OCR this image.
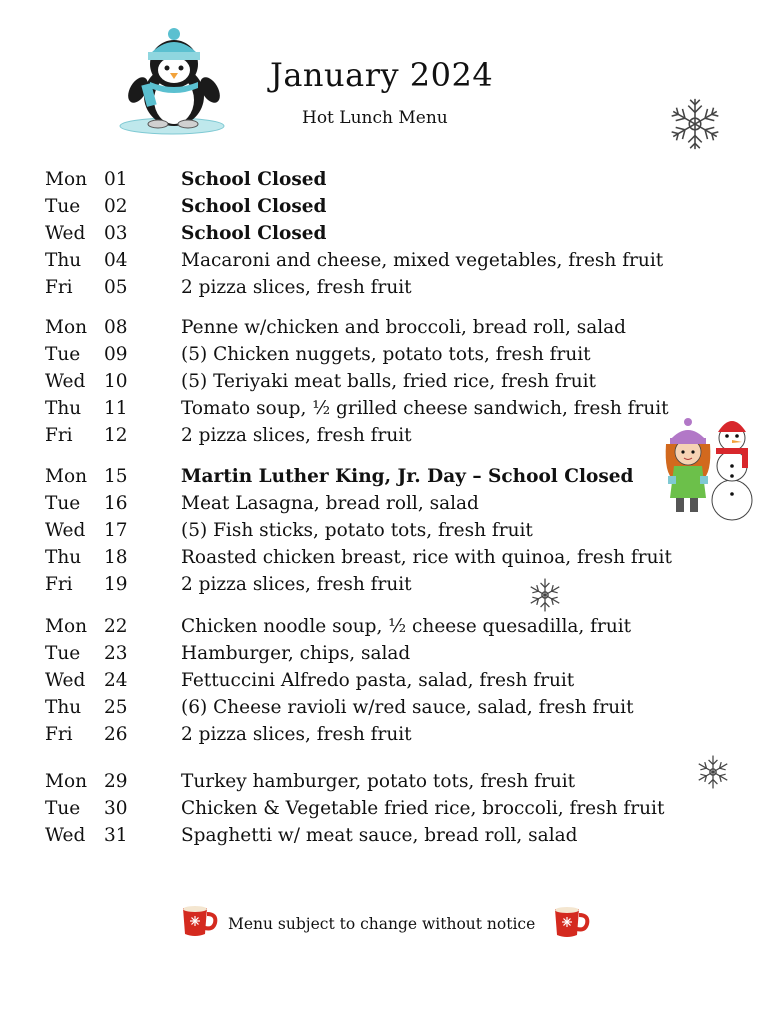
January 2024
Hot Lunch Menu
Mon 01	School Closed
Tue 02	School Closed
Wed 03	School Closed
Thu 04	Macaroni and cheese, mixed vegetables, fresh fruit
Fri 05	2 pizza slices, fresh fruit
Mon 08	Penne w/chicken and broccoli, bread roll, salad
Tue 09	(5) Chicken nuggets, potato tots, fresh fruit
Wed 10	(5) Teriyaki meat balls, fried rice, fresh fruit
Thu 11	Tomato soup, ½ grilled cheese sandwich, fresh fruit
Fri 12	2 pizza slices, fresh fruit
Mon 15	Martin Luther King, Jr. Day – School Closed
Tue 16	Meat Lasagna, bread roll, salad
Wed 17	(5) Fish sticks, potato tots, fresh fruit
Thu 18	Roasted chicken breast, rice with quinoa, fresh fruit
Fri 19	2 pizza slices, fresh fruit
Mon 22	Chicken noodle soup, ½ cheese quesadilla, fruit
Tue 23	Hamburger, chips, salad
Wed 24	Fettuccini Alfredo pasta, salad, fresh fruit
Thu 25	(6) Cheese ravioli w/red sauce, salad, fresh fruit
Fri 26	2 pizza slices, fresh fruit
Mon 29	Turkey hamburger, potato tots, fresh fruit
Tue 30	Chicken & Vegetable fried rice, broccoli, fresh fruit
Wed 31	Spaghetti w/ meat sauce, bread roll, salad
Menu subject to change without notice
